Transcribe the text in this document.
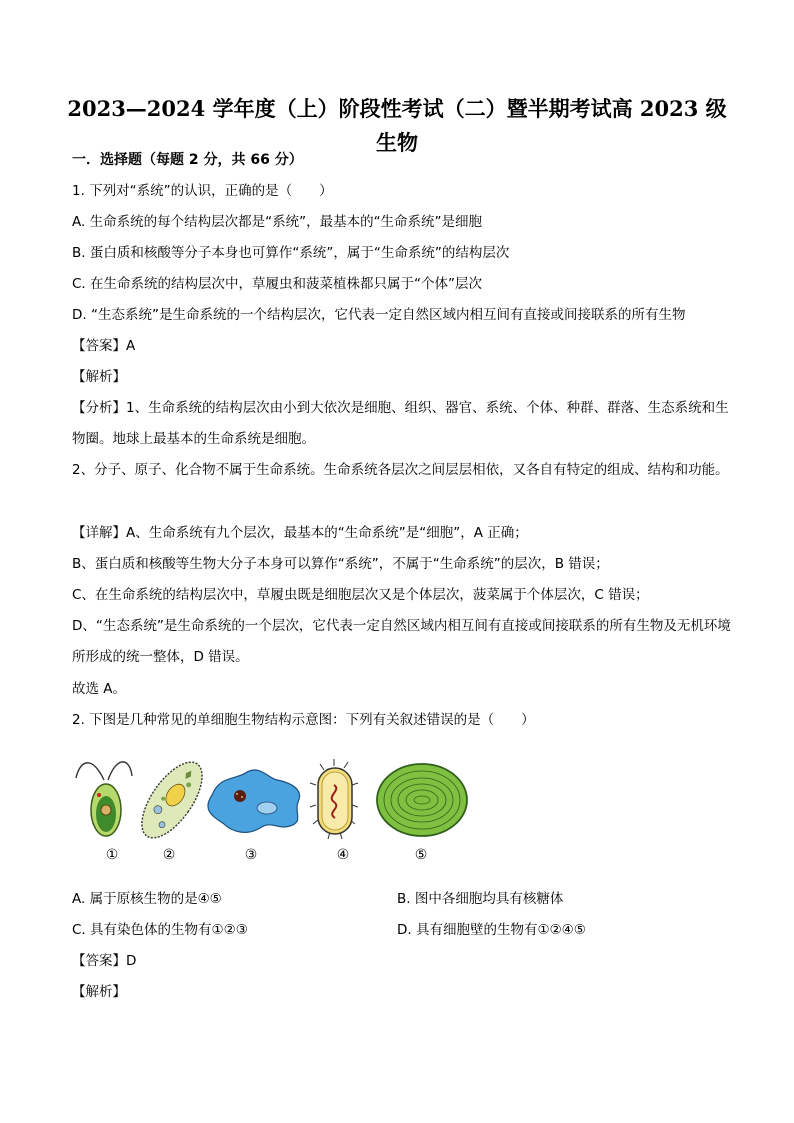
2023—2024 学年度（上）阶段性考试（二）暨半期考试高 2023 级生物
一．选择题（每题 2 分，共 66 分）
1. 下列对“系统”的认识，正确的是（　　）
A. 生命系统的每个结构层次都是“系统”，最基本的“生命系统”是细胞
B. 蛋白质和核酸等分子本身也可算作“系统”，属于“生命系统”的结构层次
C. 在生命系统的结构层次中，草履虫和菠菜植株都只属于“个体”层次
D. “生态系统”是生命系统的一个结构层次，它代表一定自然区域内相互间有直接或间接联系的所有生物
【答案】A
【解析】
【分析】1、生命系统的结构层次由小到大依次是细胞、组织、器官、系统、个体、种群、群落、生态系统和生物圈。地球上最基本的生命系统是细胞。
2、分子、原子、化合物不属于生命系统。生命系统各层次之间层层相依，又各自有特定的组成、结构和功能。
【详解】A、生命系统有九个层次，最基本的“生命系统”是“细胞”，A 正确；
B、蛋白质和核酸等生物大分子本身可以算作“系统”，不属于“生命系统”的层次，B 错误；
C、在生命系统的结构层次中，草履虫既是细胞层次又是个体层次，菠菜属于个体层次，C 错误；
D、“生态系统”是生命系统的一个层次，它代表一定自然区域内相互间有直接或间接联系的所有生物及无机环境所形成的统一整体，D 错误。
故选 A。
2. 下图是几种常见的单细胞生物结构示意图：下列有关叙述错误的是（　　）
①	②	③	④	⑤
A. 属于原核生物的是④⑤	B. 图中各细胞均具有核糖体
C. 具有染色体的生物有①②③	D. 具有细胞壁的生物有①②④⑤
【答案】D
【解析】
